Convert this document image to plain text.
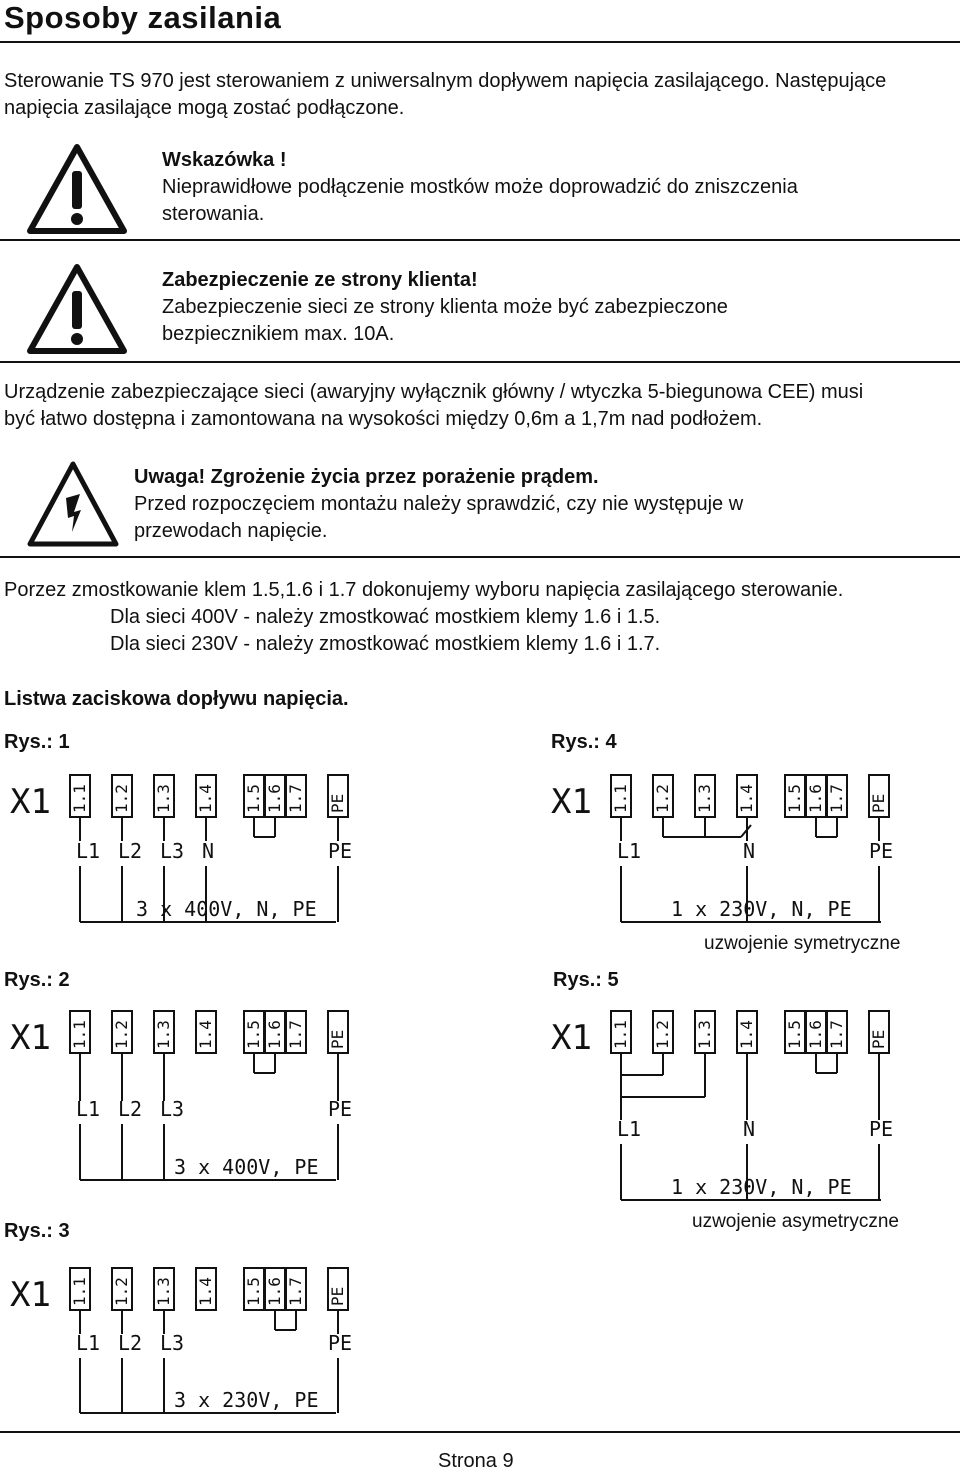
Sposoby zasilania
Sterowanie TS 970 jest sterowaniem z uniwersalnym dopływem napięcia zasilającego. Następujące
napięcia zasilające mogą zostać podłączone.
Wskazówka !
Nieprawidłowe podłączenie mostków może doprowadzić do zniszczenia
sterowania.
Zabezpieczenie ze strony klienta!
Zabezpieczenie sieci ze strony klienta może być zabezpieczone
bezpiecznikiem max. 10A.
Urządzenie zabezpieczające sieci (awaryjny wyłącznik główny / wtyczka 5-biegunowa CEE) musi
być łatwo dostępna i zamontowana na wysokości między 0,6m a 1,7m nad podłożem.
Uwaga! Zgrożenie życia przez porażenie prądem.
Przed rozpoczęciem montażu należy sprawdzić, czy nie występuje w
przewodach napięcie.
Porzez zmostkowanie klem 1.5,1.6 i 1.7 dokonujemy wyboru napięcia zasilającego sterowanie.
Dla sieci 400V - należy zmostkować mostkiem klemy 1.6 i 1.5.
Dla sieci 230V - należy zmostkować mostkiem klemy 1.6 i 1.7.
Listwa zaciskowa dopływu napięcia.
Rys.: 1
Rys.: 2
Rys.: 3
Rys.: 4
Rys.: 5
uzwojenie symetryczne
uzwojenie asymetryczne
X1 1.1 1.2 1.3 1.4 1.5 1.6 1.7 PE
L1 L2 L3 N	PE
3 x 400V, N, PE
X1 1.1 1.2 1.3 1.4 1.5 1.6 1.7 PE
L1 L2 L3	PE
3 x 400V, PE
X1 1.1 1.2 1.3 1.4 1.5 1.6 1.7 PE
L1 L2 L3	PE
3 x 230V, PE
X1 1.1 1.2 1.3 1.4 1.5 1.6 1.7 PE
L1	N	PE
1 x 230V, N, PE
X1 1.1 1.2 1.3 1.4 1.5 1.6 1.7 PE
L1	N	PE
1 x 230V, N, PE
Strona 9
